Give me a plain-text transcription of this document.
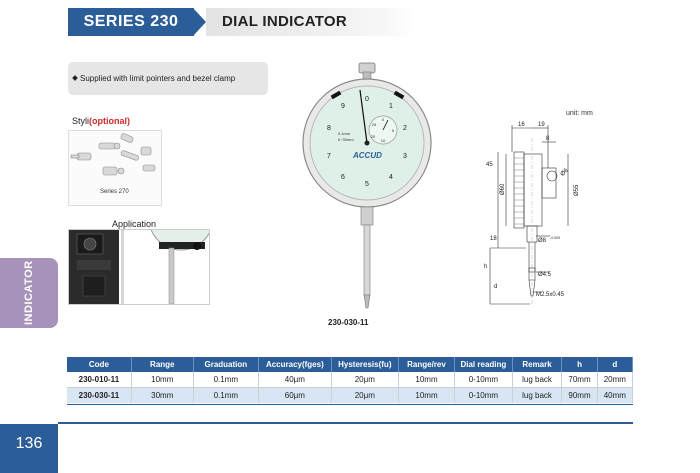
SERIES 230	DIAL INDICATOR
Supplied with limit pointers and bezel clamp
Styli(optional)
Series 270
Application
INDICATOR
0
1
2
3
4
5
6
7
8
9
0
5
10
20
25
0.1mm
0~30mm
ACCUD
230-030-11
unit: mm
16 19
8
45
Ø60	Ø55
Ø6
18	Ø8 -0.009
h
d
Ø4.5
M2.5x0.45
Code	Range	Graduation	Accuracy(fges)	Hysteresis(fu)	Range/rev	Dial reading	Remark	h	d
230-010-11	10mm	0.1mm	40μm	20μm	10mm	0-10mm	lug back	70mm	20mm
230-030-11	30mm	0.1mm	60μm	20μm	10mm	0-10mm	lug back	90mm	40mm
136
